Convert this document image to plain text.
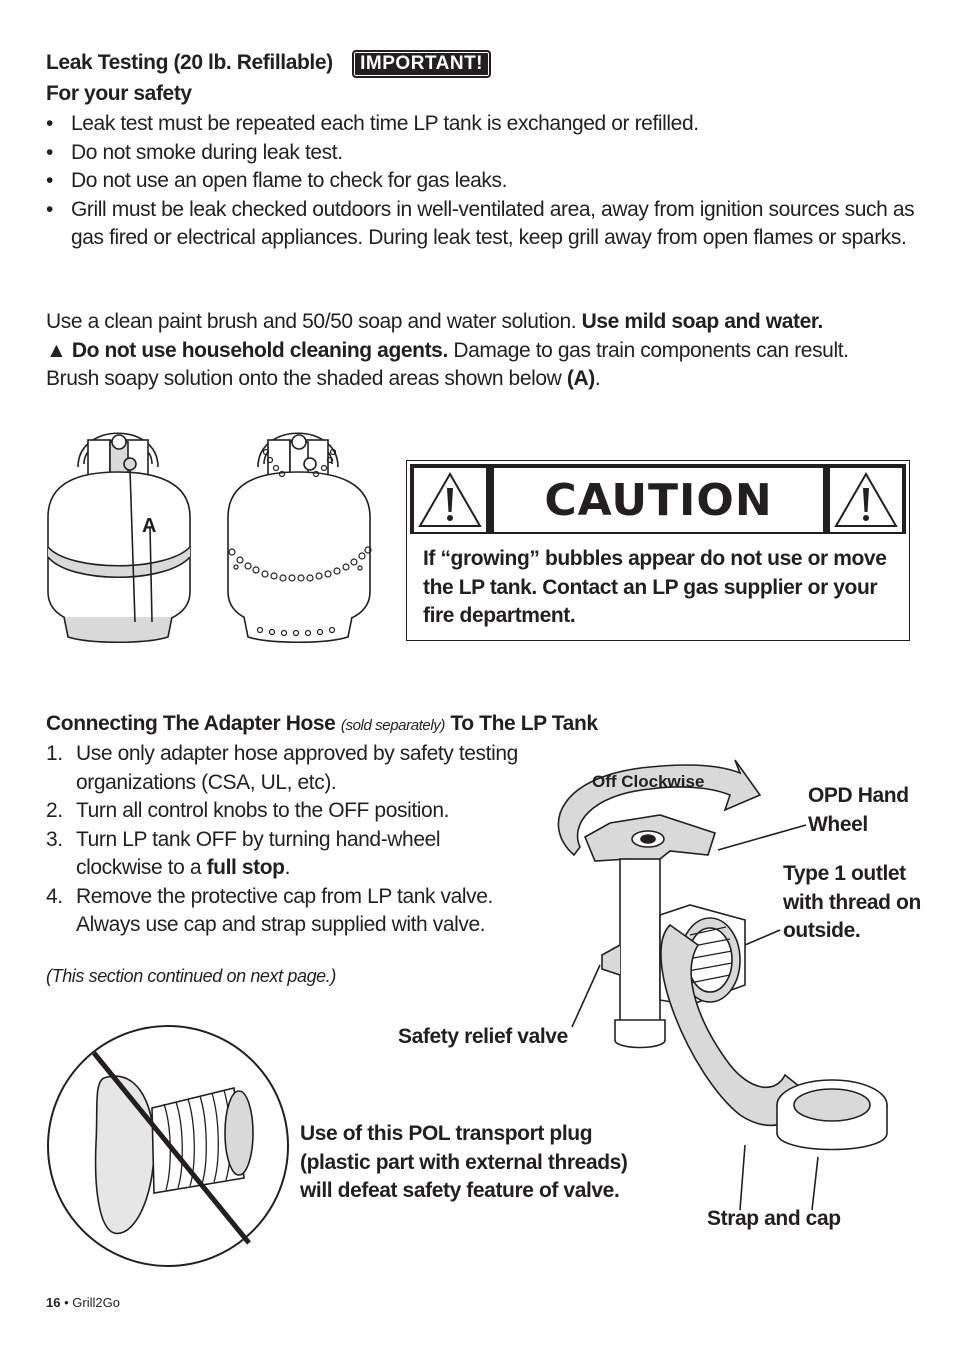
Leak Testing (20 lb. Refillable) IMPORTANT!
For your safety
• Leak test must be repeated each time LP tank is exchanged or refilled.
• Do not smoke during leak test.
• Do not use an open flame to check for gas leaks.
• Grill must be leak checked outdoors in well-ventilated area, away from ignition sources such as gas fired or electrical appliances. During leak test, keep grill away from open flames or sparks.
Use a clean paint brush and 50/50 soap and water solution. Use mild soap and water.
▲ Do not use household cleaning agents. Damage to gas train components can result.
Brush soapy solution onto the shaded areas shown below (A).
A
CAUTION
If “growing” bubbles appear do not use or move the LP tank. Contact an LP gas supplier or your fire department.
Connecting The Adapter Hose (sold separately) To The LP Tank
1. Use only adapter hose approved by safety testing organizations (CSA, UL, etc).
2. Turn all control knobs to the OFF position.
3. Turn LP tank OFF by turning hand-wheel clockwise to a full stop.
4. Remove the protective cap from LP tank valve. Always use cap and strap supplied with valve.
(This section continued on next page.)
Off Clockwise
OPD Hand Wheel
Type 1 outlet with thread on outside.
Safety relief valve
Strap and cap
Use of this POL transport plug (plastic part with external threads) will defeat safety feature of valve.
16 • Grill2Go
